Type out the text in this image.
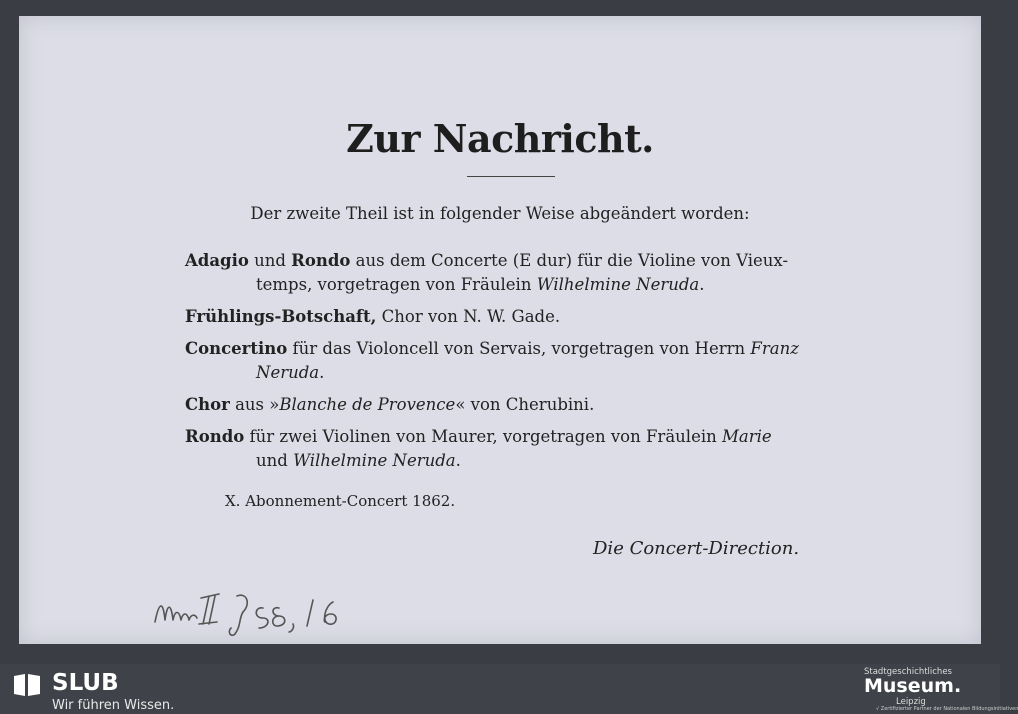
Zur Nachricht.
Der zweite Theil ist in folgender Weise abgeändert worden:
Adagio und Rondo aus dem Concerte (E dur) für die Violine von Vieux-
temps, vorgetragen von Fräulein Wilhelmine Neruda.
Frühlings-Botschaft, Chor von N. W. Gade.
Concertino für das Violoncell von Servais, vorgetragen von Herrn Franz
Neruda.
Chor aus »Blanche de Provence« von Cherubini.
Rondo für zwei Violinen von Maurer, vorgetragen von Fräulein Marie
und Wilhelmine Neruda.
X. Abonnement-Concert 1862.
Die Concert-Direction.
SLUB
Wir führen Wissen.
Stadtgeschichtliches
Museum.
Leipzig
√ Zertifizierter Partner der Nationalen Bildungsinitiativen
